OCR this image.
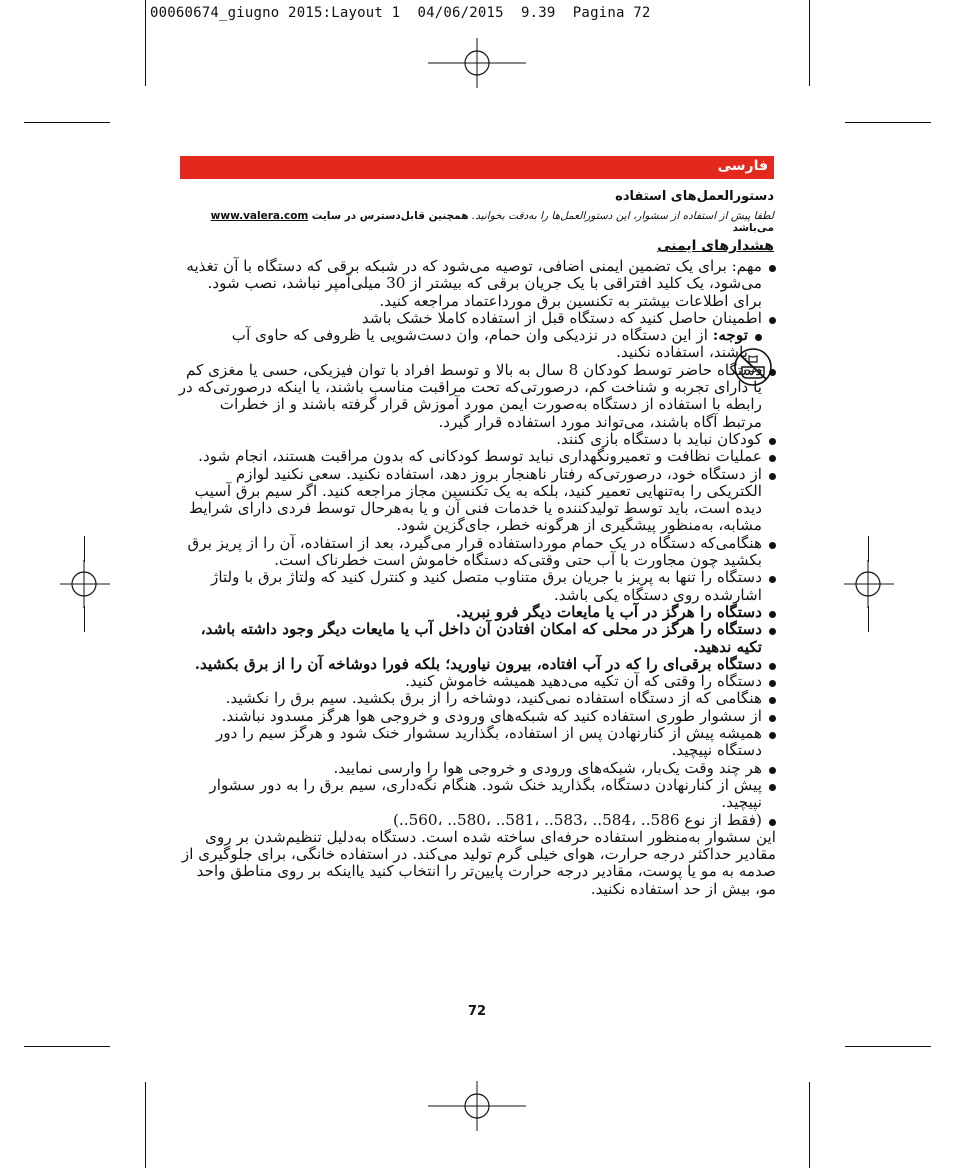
00060674_giugno 2015:Layout 1  04/06/2015  9.39  Pagina 72
فارسی
دستورالعمل‌های استفاده
لطفا پیش از استفاده از سشوار، این دستورالعمل‌ها را به‌دقت بخوانید. همچنین قابل‌دسترس در سایت www.valera.com می‌باشد
هشدارهای ایمنی
مهم: برای یک تضمین ایمنی اضافی، توصیه می‌شود که در شبکه برقی که دستگاه با آن تغذیه می‌شود، یک کلید افتراقی با یک جریان برقی که بیشتر از 30 میلی‌آمپر نباشد، نصب شود. برای اطلاعات بیشتر به تکنسین برق مورداعتماد مراجعه کنید.
اطمینان حاصل کنید که دستگاه قبل از استفاده کاملا خشک باشد
توجه: از این دستگاه در نزدیکی وان حمام، وان دست‌شویی یا ظروفی که حاوی آب باشند، استفاده نکنید.
دستگاه حاضر توسط کودکان 8 سال به بالا و توسط افراد با توان فیزیکی، حسی یا مغزی کم یا دارای تجربه و شناخت کم، درصورتی‌که تحت مراقبت مناسب باشند، یا اینکه درصورتی‌که در رابطه با استفاده از دستگاه به‌صورت ایمن مورد آموزش قرار گرفته باشند و از خطرات مرتبط آگاه باشند، می‌تواند مورد استفاده قرار گیرد.
کودکان نباید با دستگاه بازی کنند.
عملیات نظافت و تعمیرونگهداری نباید توسط کودکانی که بدون مراقبت هستند، انجام شود.
از دستگاه خود، درصورتی‌که رفتار ناهنجار بروز دهد، استفاده نکنید. سعی نکنید لوازم الکتریکی را به‌تنهایی تعمیر کنید، بلکه به یک تکنسین مجاز مراجعه کنید. اگر سیم برق آسیب دیده است، باید توسط تولیدکننده یا خدمات فنی آن و یا به‌هرحال توسط فردی دارای شرایط مشابه، به‌منظور پیشگیری از هرگونه خطر، جای‌گزین شود.
هنگامی‌که دستگاه در یک حمام مورداستفاده قرار می‌گیرد، بعد از استفاده، آن را از پریز برق بکشید چون مجاورت با آب حتی وقتی‌که دستگاه خاموش است خطرناک است.
دستگاه را تنها به پریز با جریان برق متناوب متصل کنید و کنترل کنید که ولتاژ برق با ولتاژ اشارشده روی دستگاه یکی باشد.
دستگاه را هرگز در آب یا مایعات دیگر فرو نبرید.
دستگاه را هرگز در محلی که امکان افتادن آن داخل آب یا مایعات دیگر وجود داشته باشد، تکیه ندهید.
دستگاه برقی‌ای را که در آب افتاده، بیرون نیاورید؛ بلکه فورا دوشاخه آن را از برق بکشید.
دستگاه را وقتی که آن تکیه می‌دهید همیشه خاموش کنید.
هنگامی که از دستگاه استفاده نمی‌کنید، دوشاخه را از برق بکشید. سیم برق را نکشید.
از سشوار طوری استفاده کنید که شبکه‌های ورودی و خروجی هوا هرگز مسدود نباشند.
همیشه پیش از کنارنهادن پس از استفاده، بگذارید سشوار خنک شود و هرگز سیم را دور دستگاه نپیچید.
هر چند وقت یک‌بار، شبکه‌های ورودی و خروجی هوا را وارسی نمایید.
پیش از کنارنهادن دستگاه، بگذارید خنک شود. هنگام نگه‌داری، سیم برق را به دور سشوار نپیچید.
(فقط از نوع 586.. ،584.. ،583.. ،581.. ،580.. ،560..)
این سشوار به‌منظور استفاده حرفه‌ای ساخته شده است. دستگاه به‌دلیل تنظیم‌شدن بر روی مقادیر حداکثر درجه حرارت، هوای خیلی گرم تولید می‌کند. در استفاده خانگی، برای جلوگیری از صدمه به مو یا پوست، مقادیر درجه حرارت پایین‌تر را انتخاب کنید یااینکه بر روی مناطق واحد مو، بیش از حد استفاده نکنید.
72
